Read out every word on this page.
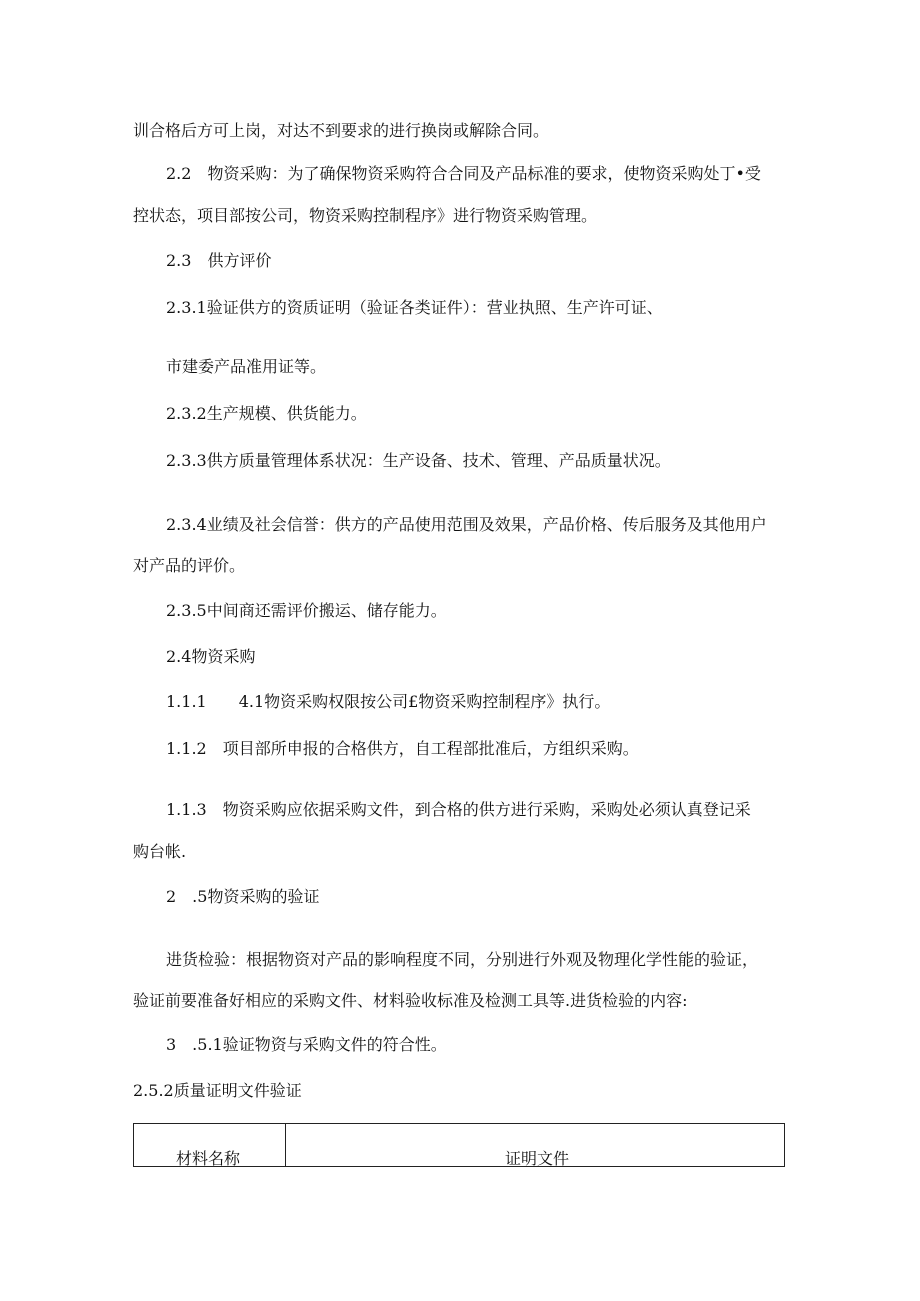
训合格后方可上岗，对达不到要求的进行换岗或解除合同。
2.2　物资采购：为了确保物资采购符合合同及产品标准的要求，使物资采购处丁•受
控状态，项目部按公司，物资采购控制程序》进行物资采购管理。
2.3　供方评价
2.3.1验证供方的资质证明（验证各类证件）：营业执照、生产许可证、
市建委产品准用证等。
2.3.2生产规模、供货能力。
2.3.3供方质量管理体系状况：生产设备、技术、管理、产品质量状况。
2.3.4业绩及社会信誉：供方的产品使用范围及效果，产品价格、传后服务及其他用户
对产品的评价。
2.3.5中间商还需评价搬运、储存能力。
2.4物资采购
1.1.1　　4.1物资采购权限按公司£物资采购控制程序》执行。
1.1.2　项目部所申报的合格供方，自工程部批准后，方组织采购。
1.1.3　物资采购应依据采购文件，到合格的供方进行采购，采购处必须认真登记采
购台帐.
2　.5物资采购的验证
进货检验：根据物资对产品的影响程度不同，分别进行外观及物理化学性能的验证，
验证前要准备好相应的采购文件、材料验收标准及检测工具等.进货检验的内容:
3　.5.1验证物资与采购文件的符合性。
2.5.2质量证明文件验证
材料名称	证明文件
